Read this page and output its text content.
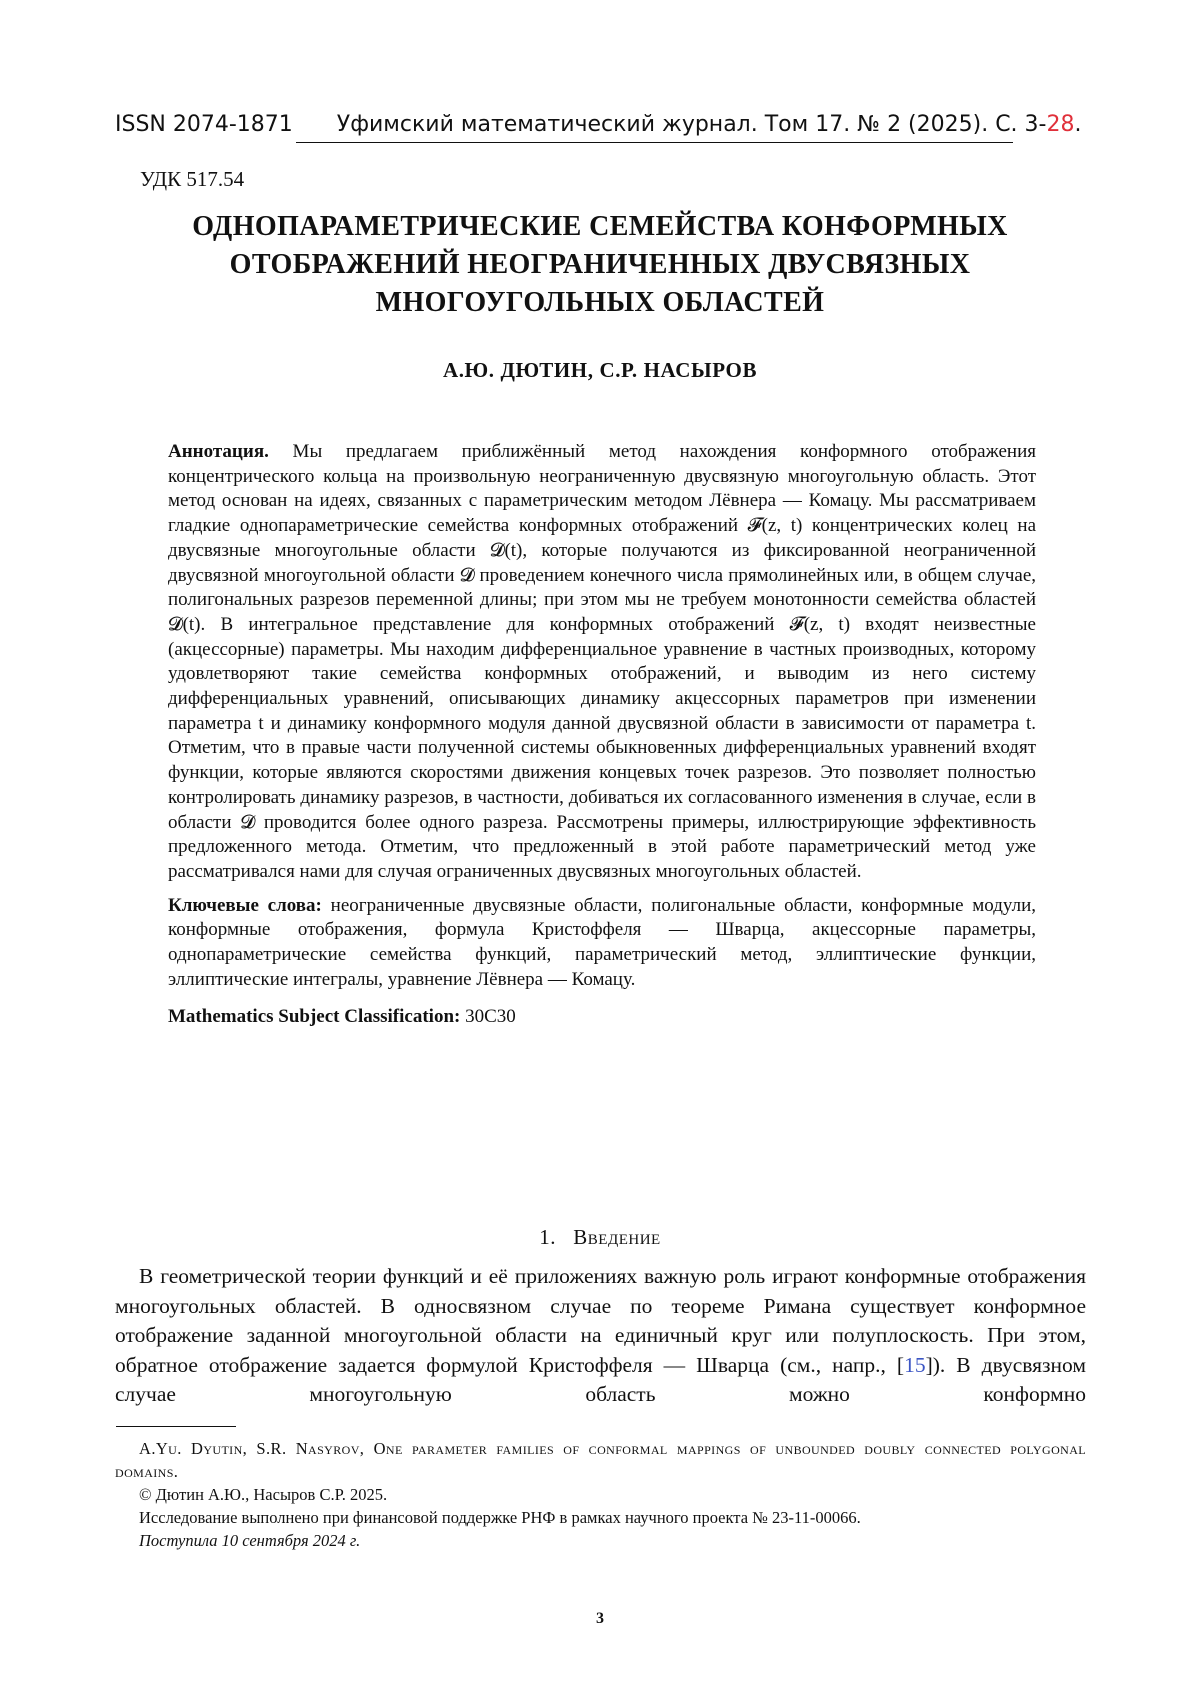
ISSN 2074-1871 Уфимский математический журнал. Том 17. № 2 (2025). С. 3-28.
УДК 517.54
ОДНОПАРАМЕТРИЧЕСКИЕ СЕМЕЙСТВА КОНФОРМНЫХ
ОТОБРАЖЕНИЙ НЕОГРАНИЧЕННЫХ ДВУСВЯЗНЫХ
МНОГОУГОЛЬНЫХ ОБЛАСТЕЙ
А.Ю. ДЮТИН, С.Р. НАСЫРОВ

Аннотация. Мы предлагаем приближённый метод нахождения конформного отображения концентрического кольца на произвольную неограниченную двусвязную многоугольную область. Этот метод основан на идеях, связанных с параметрическим методом Лёвнера — Комацу. Мы рассматриваем гладкие однопараметрические семейства конформных отображений 𝓕(z, t) концентрических колец на двусвязные многоугольные области 𝓓(t), которые получаются из фиксированной неограниченной двусвязной многоугольной области 𝓓 проведением конечного числа прямолинейных или, в общем случае, полигональных разрезов переменной длины; при этом мы не требуем монотонности семейства областей 𝓓(t). В интегральное представление для конформных отображений 𝓕(z, t) входят неизвестные (акцессорные) параметры. Мы находим дифференциальное уравнение в частных производных, которому удовлетворяют такие семейства конформных отображений, и выводим из него систему дифференциальных уравнений, описывающих динамику акцессорных параметров при изменении параметра t и динамику конформного модуля данной двусвязной области в зависимости от параметра t. Отметим, что в правые части полученной системы обыкновенных дифференциальных уравнений входят функции, которые являются скоростями движения концевых точек разрезов. Это позволяет полностью контролировать динамику разрезов, в частности, добиваться их согласованного изменения в случае, если в области 𝓓 проводится более одного разреза. Рассмотрены примеры, иллюстрирующие эффективность предложенного метода. Отметим, что предложенный в этой работе параметрический метод уже рассматривался нами для случая ограниченных двусвязных многоугольных областей.

Ключевые слова: неограниченные двусвязные области, полигональные области, конформные модули, конформные отображения, формула Кристоффеля — Шварца, акцессорные параметры, однопараметрические семейства функций, параметрический метод, эллиптические функции, эллиптические интегралы, уравнение Лёвнера — Комацу.

Mathematics Subject Classification: 30C30

1. Введение

В геометрической теории функций и её приложениях важную роль играют конформные отображения многоугольных областей. В односвязном случае по теореме Римана существует конформное отображение заданной многоугольной области на единичный круг или полуплоскость. При этом, обратное отображение задается формулой Кристоффеля — Шварца (см., напр., [15]). В двусвязном случае многоугольную область можно конформно

A.Yu. Dyutin, S.R. Nasyrov, One parameter families of conformal mappings of unbounded doubly connected polygonal domains.
© Дютин А.Ю., Насыров С.Р. 2025.
Исследование выполнено при финансовой поддержке РНФ в рамках научного проекта № 23-11-00066.
Поступила 10 сентября 2024 г.
3
